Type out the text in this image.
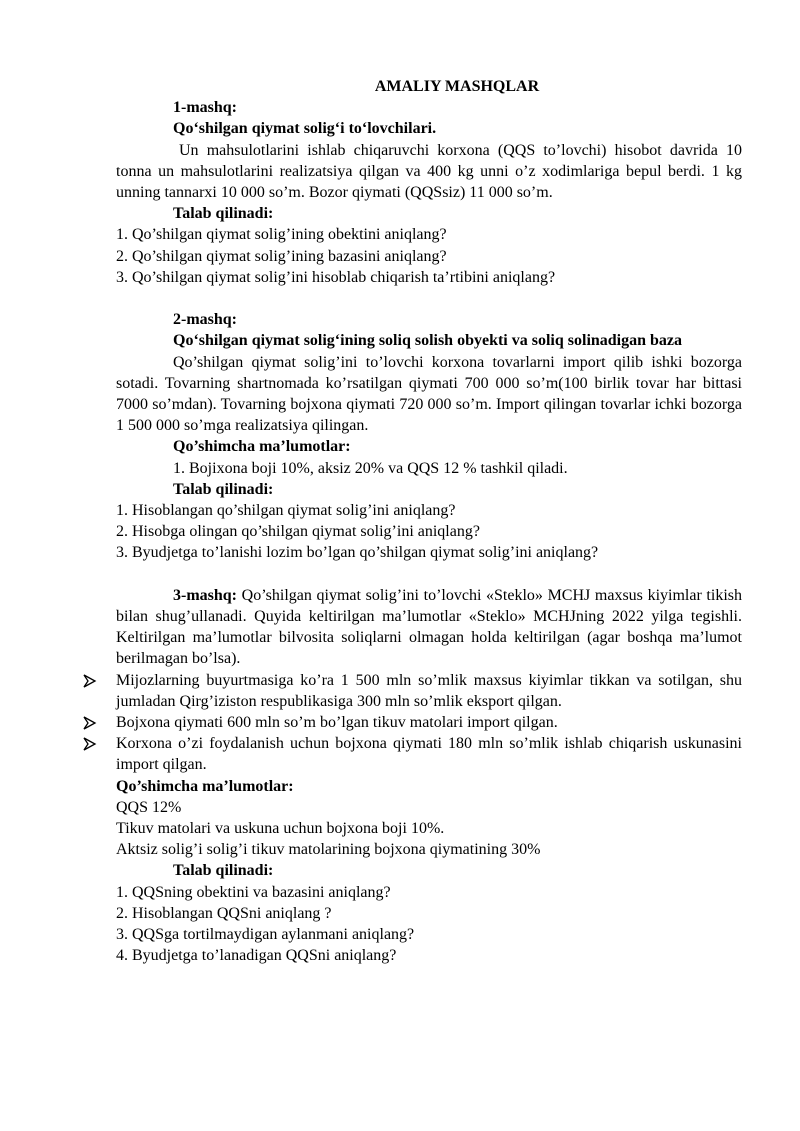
AMALIY MASHQLAR

1-mashq:

Qo‘shilgan qiymat solig‘i to‘lovchilari.

Un mahsulotlarini ishlab chiqaruvchi korxona (QQS to’lovchi) hisobot davrida 10 tonna un mahsulotlarini realizatsiya qilgan va 400 kg unni o’z xodimlariga bepul berdi. 1 kg unning tannarxi 10 000 so’m. Bozor qiymati (QQSsiz) 11 000 so’m.

Talab qilinadi:

1. Qo’shilgan qiymat solig’ining obektini aniqlang?

2. Qo’shilgan qiymat solig’ining bazasini aniqlang?

3. Qo’shilgan qiymat solig’ini hisoblab chiqarish ta’rtibini aniqlang?

2-mashq:

Qo‘shilgan qiymat solig‘ining soliq solish obyekti va soliq solinadigan baza

Qo’shilgan qiymat solig’ini to’lovchi korxona tovarlarni import qilib ishki bozorga sotadi. Tovarning shartnomada ko’rsatilgan qiymati 700 000 so’m(100 birlik tovar har bittasi 7000 so’mdan). Tovarning bojxona qiymati 720 000 so’m. Import qilingan tovarlar ichki bozorga 1 500 000 so’mga realizatsiya qilingan.

Qo’shimcha ma’lumotlar:

1. Bojixona boji 10%, aksiz 20% va QQS 12 % tashkil qiladi.

Talab qilinadi:

1. Hisoblangan qo’shilgan qiymat solig’ini aniqlang?

2. Hisobga olingan qo’shilgan qiymat solig’ini aniqlang?

3. Byudjetga to’lanishi lozim bo’lgan qo’shilgan qiymat solig’ini aniqlang?

3-mashq: Qo’shilgan qiymat solig’ini to’lovchi «Steklo» MCHJ maxsus kiyimlar tikish bilan shug’ullanadi. Quyida keltirilgan ma’lumotlar «Steklo» MCHJning 2022 yilga tegishli. Keltirilgan ma’lumotlar bilvosita soliqlarni olmagan holda keltirilgan (agar boshqa ma’lumot berilmagan bo’lsa).

Mijozlarning buyurtmasiga ko’ra 1 500 mln so’mlik maxsus kiyimlar tikkan va sotilgan, shu jumladan Qirg’iziston respublikasiga 300 mln so’mlik eksport qilgan.
Bojxona qiymati 600 mln so’m bo’lgan tikuv matolari import qilgan.
Korxona o’zi foydalanish uchun bojxona qiymati 180 mln so’mlik ishlab chiqarish uskunasini import qilgan.

Qo’shimcha ma’lumotlar:

QQS 12%

Tikuv matolari va uskuna uchun bojxona boji 10%.

Aktsiz solig’i solig’i tikuv matolarining bojxona qiymatining 30%

Talab qilinadi:

1. QQSning obektini va bazasini aniqlang?

2. Hisoblangan QQSni aniqlang ?

3. QQSga tortilmaydigan aylanmani aniqlang?

4. Byudjetga to’lanadigan QQSni aniqlang?
